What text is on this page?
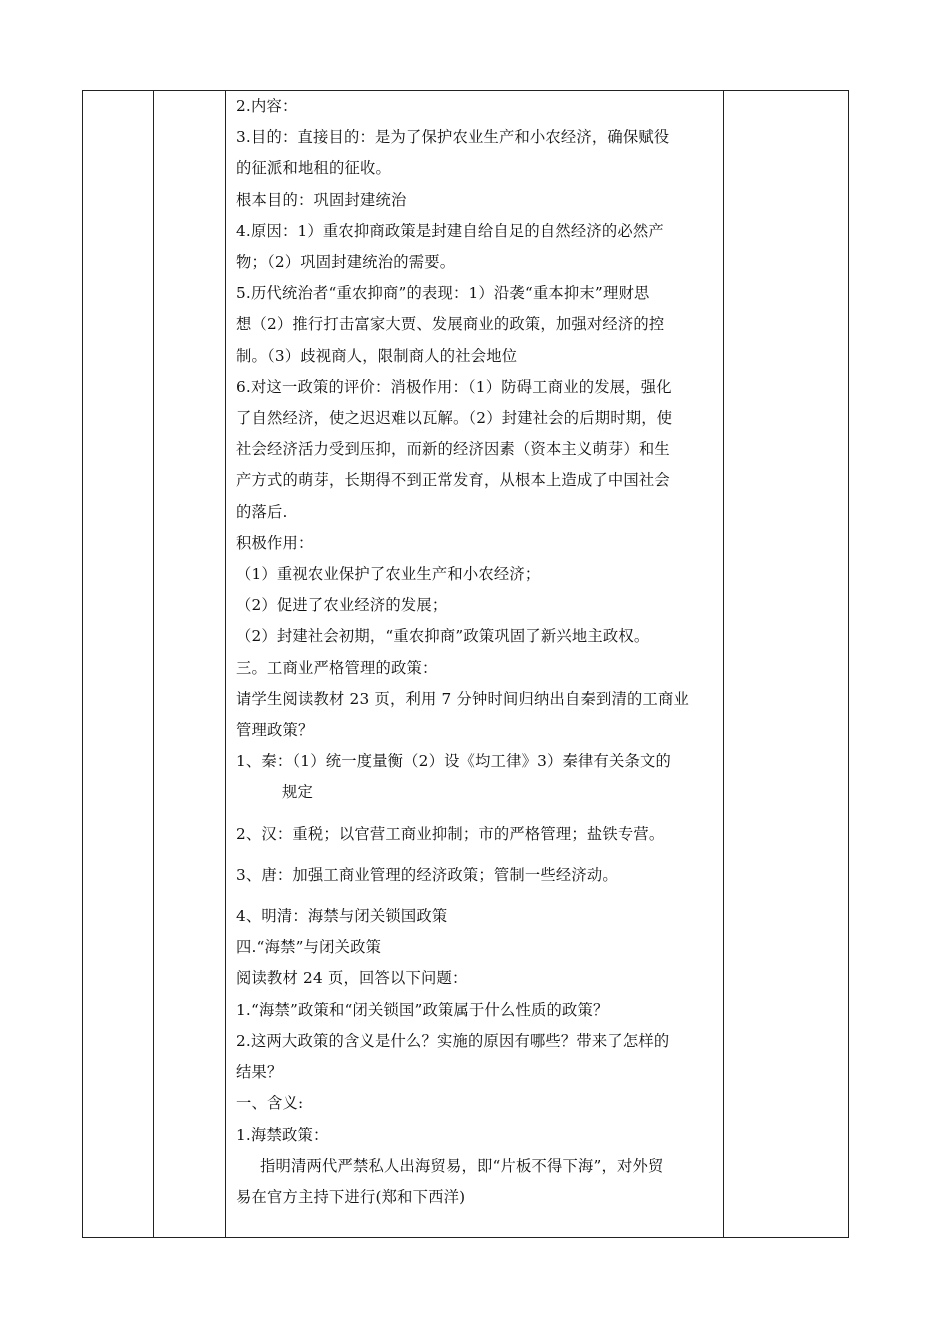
2.内容：
3.目的：直接目的：是为了保护农业生产和小农经济，确保赋役
的征派和地租的征收。
根本目的：巩固封建统治
4.原因：1）重农抑商政策是封建自给自足的自然经济的必然产
物；（2）巩固封建统治的需要。
5.历代统治者“重农抑商”的表现：1）沿袭“重本抑末”理财思
想（2）推行打击富家大贾、发展商业的政策，加强对经济的控
制。（3）歧视商人，限制商人的社会地位
6.对这一政策的评价：消极作用：（1）防碍工商业的发展，强化
了自然经济，使之迟迟难以瓦解。（2）封建社会的后期时期，使
社会经济活力受到压抑，而新的经济因素（资本主义萌芽）和生
产方式的萌芽，长期得不到正常发育，从根本上造成了中国社会
的落后.
积极作用：
（1）重视农业保护了农业生产和小农经济；
（2）促进了农业经济的发展；
（2）封建社会初期，“重农抑商”政策巩固了新兴地主政权。
三。工商业严格管理的政策：
请学生阅读教材 23 页，利用 7 分钟时间归纳出自秦到清的工商业
管理政策？
1、秦：（1）统一度量衡（2）设《均工律》3）秦律有关条文的
规定
2、汉：重税；以官营工商业抑制；市的严格管理；盐铁专营。
3、唐：加强工商业管理的经济政策；管制一些经济动。
4、明清：海禁与闭关锁国政策
四.“海禁”与闭关政策
阅读教材 24 页，回答以下问题：
1.“海禁”政策和“闭关锁国”政策属于什么性质的政策？
2.这两大政策的含义是什么？实施的原因有哪些？带来了怎样的
结果？
一、含义:
1.海禁政策：
指明清两代严禁私人出海贸易，即“片板不得下海”，对外贸
易在官方主持下进行(郑和下西洋)
